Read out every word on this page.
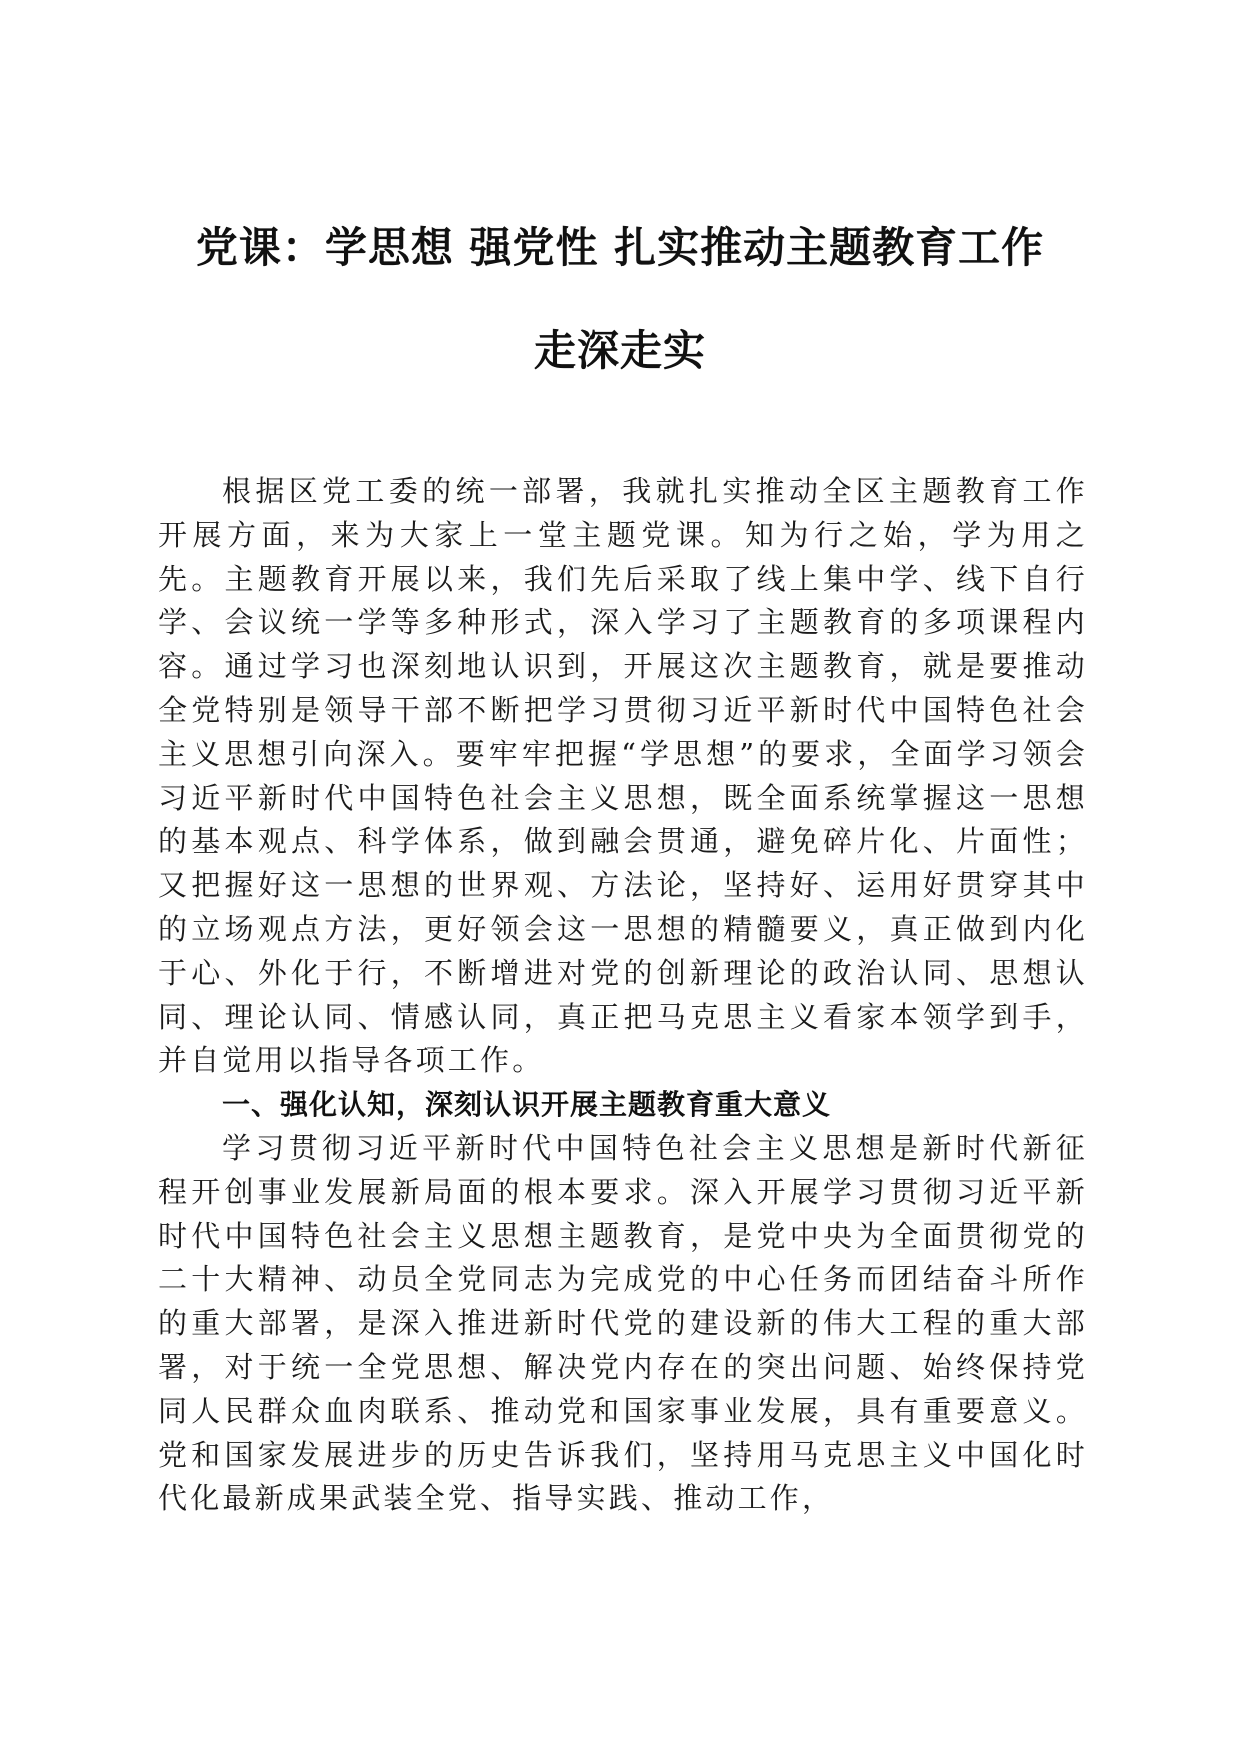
党课：学思想 强党性 扎实推动主题教育工作
走深走实

根据区党工委的统一部署，我就扎实推动全区主题教育工作开展方面，来为大家上一堂主题党课。知为行之始，学为用之先。主题教育开展以来，我们先后采取了线上集中学、线下自行学、会议统一学等多种形式，深入学习了主题教育的多项课程内容。通过学习也深刻地认识到，开展这次主题教育，就是要推动全党特别是领导干部不断把学习贯彻习近平新时代中国特色社会主义思想引向深入。要牢牢把握“学思想”的要求，全面学习领会习近平新时代中国特色社会主义思想，既全面系统掌握这一思想的基本观点、科学体系，做到融会贯通，避免碎片化、片面性；又把握好这一思想的世界观、方法论，坚持好、运用好贯穿其中的立场观点方法，更好领会这一思想的精髓要义，真正做到内化于心、外化于行，不断增进对党的创新理论的政治认同、思想认同、理论认同、情感认同，真正把马克思主义看家本领学到手，并自觉用以指导各项工作。

一、强化认知，深刻认识开展主题教育重大意义

学习贯彻习近平新时代中国特色社会主义思想是新时代新征程开创事业发展新局面的根本要求。深入开展学习贯彻习近平新时代中国特色社会主义思想主题教育，是党中央为全面贯彻党的二十大精神、动员全党同志为完成党的中心任务而团结奋斗所作的重大部署，是深入推进新时代党的建设新的伟大工程的重大部署，对于统一全党思想、解决党内存在的突出问题、始终保持党同人民群众血肉联系、推动党和国家事业发展，具有重要意义。党和国家发展进步的历史告诉我们，坚持用马克思主义中国化时代化最新成果武装全党、指导实践、推动工作，
